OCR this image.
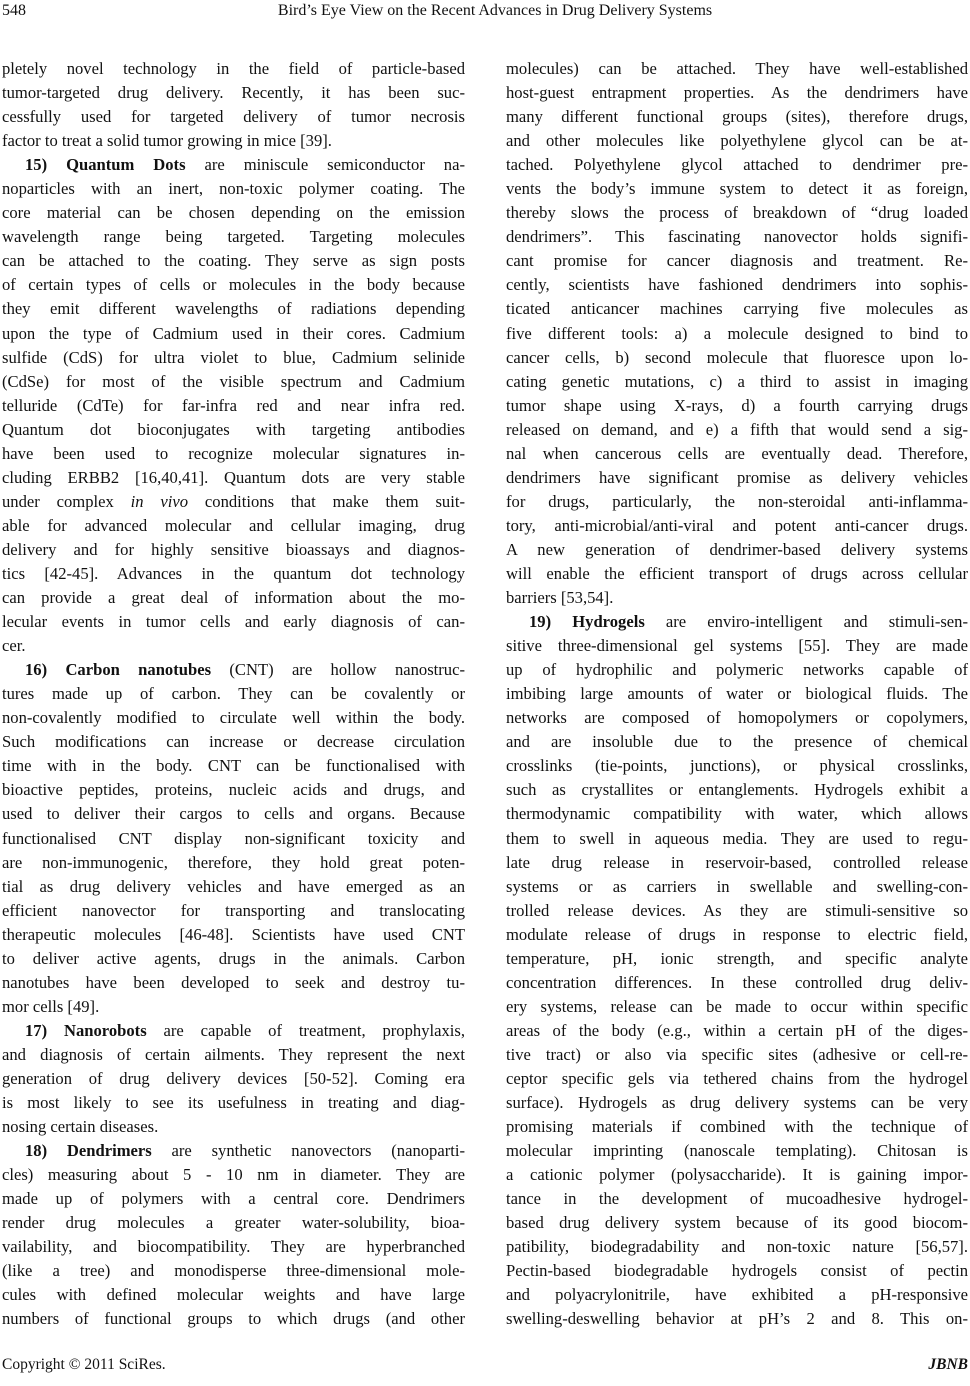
548	Bird’s Eye View on the Recent Advances in Drug Delivery Systems
pletely novel technology in the field of particle-based
tumor-targeted drug delivery. Recently, it has been suc-
cessfully used for targeted delivery of tumor necrosis
factor to treat a solid tumor growing in mice [39].
15) Quantum Dots are miniscule semiconductor na-
noparticles with an inert, non-toxic polymer coating. The
core material can be chosen depending on the emission
wavelength range being targeted. Targeting molecules
can be attached to the coating. They serve as sign posts
of certain types of cells or molecules in the body because
they emit different wavelengths of radiations depending
upon the type of Cadmium used in their cores. Cadmium
sulfide (CdS) for ultra violet to blue, Cadmium selinide
(CdSe) for most of the visible spectrum and Cadmium
telluride (CdTe) for far-infra red and near infra red.
Quantum dot bioconjugates with targeting antibodies
have been used to recognize molecular signatures in-
cluding ERBB2 [16,40,41]. Quantum dots are very stable
under complex in vivo conditions that make them suit-
able for advanced molecular and cellular imaging, drug
delivery and for highly sensitive bioassays and diagnos-
tics [42-45]. Advances in the quantum dot technology
can provide a great deal of information about the mo-
lecular events in tumor cells and early diagnosis of can-
cer.
16) Carbon nanotubes (CNT) are hollow nanostruc-
tures made up of carbon. They can be covalently or
non-covalently modified to circulate well within the body.
Such modifications can increase or decrease circulation
time with in the body. CNT can be functionalised with
bioactive peptides, proteins, nucleic acids and drugs, and
used to deliver their cargos to cells and organs. Because
functionalised CNT display non-significant toxicity and
are non-immunogenic, therefore, they hold great poten-
tial as drug delivery vehicles and have emerged as an
efficient nanovector for transporting and translocating
therapeutic molecules [46-48]. Scientists have used CNT
to deliver active agents, drugs in the animals. Carbon
nanotubes have been developed to seek and destroy tu-
mor cells [49].
17) Nanorobots are capable of treatment, prophylaxis,
and diagnosis of certain ailments. They represent the next
generation of drug delivery devices [50-52]. Coming era
is most likely to see its usefulness in treating and diag-
nosing certain diseases.
18) Dendrimers are synthetic nanovectors (nanoparti-
cles) measuring about 5 - 10 nm in diameter. They are
made up of polymers with a central core. Dendrimers
render drug molecules a greater water-solubility, bioa-
vailability, and biocompatibility. They are hyperbranched
(like a tree) and monodisperse three-dimensional mole-
cules with defined molecular weights and have large
numbers of functional groups to which drugs (and other
molecules) can be attached. They have well-established
host-guest entrapment properties. As the dendrimers have
many different functional groups (sites), therefore drugs,
and other molecules like polyethylene glycol can be at-
tached. Polyethylene glycol attached to dendrimer pre-
vents the body’s immune system to detect it as foreign,
thereby slows the process of breakdown of “drug loaded
dendrimers”. This fascinating nanovector holds signifi-
cant promise for cancer diagnosis and treatment. Re-
cently, scientists have fashioned dendrimers into sophis-
ticated anticancer machines carrying five molecules as
five different tools: a) a molecule designed to bind to
cancer cells, b) second molecule that fluoresce upon lo-
cating genetic mutations, c) a third to assist in imaging
tumor shape using X-rays, d) a fourth carrying drugs
released on demand, and e) a fifth that would send a sig-
nal when cancerous cells are eventually dead. Therefore,
dendrimers have significant promise as delivery vehicles
for drugs, particularly, the non-steroidal anti-inflamma-
tory, anti-microbial/anti-viral and potent anti-cancer drugs.
A new generation of dendrimer-based delivery systems
will enable the efficient transport of drugs across cellular
barriers [53,54].
19) Hydrogels are enviro-intelligent and stimuli-sen-
sitive three-dimensional gel systems [55]. They are made
up of hydrophilic and polymeric networks capable of
imbibing large amounts of water or biological fluids. The
networks are composed of homopolymers or copolymers,
and are insoluble due to the presence of chemical
crosslinks (tie-points, junctions), or physical crosslinks,
such as crystallites or entanglements. Hydrogels exhibit a
thermodynamic compatibility with water, which allows
them to swell in aqueous media. They are used to regu-
late drug release in reservoir-based, controlled release
systems or as carriers in swellable and swelling-con-
trolled release devices. As they are stimuli-sensitive so
modulate release of drugs in response to electric field,
temperature, pH, ionic strength, and specific analyte
concentration differences. In these controlled drug deliv-
ery systems, release can be made to occur within specific
areas of the body (e.g., within a certain pH of the diges-
tive tract) or also via specific sites (adhesive or cell-re-
ceptor specific gels via tethered chains from the hydrogel
surface). Hydrogels as drug delivery systems can be very
promising materials if combined with the technique of
molecular imprinting (nanoscale templating). Chitosan is
a cationic polymer (polysaccharide). It is gaining impor-
tance in the development of mucoadhesive hydrogel-
based drug delivery system because of its good biocom-
patibility, biodegradability and non-toxic nature [56,57].
Pectin-based biodegradable hydrogels consist of pectin
and polyacrylonitrile, have exhibited a pH-responsive
swelling-deswelling behavior at pH’s 2 and 8. This on-
Copyright © 2011 SciRes.	JBNB
